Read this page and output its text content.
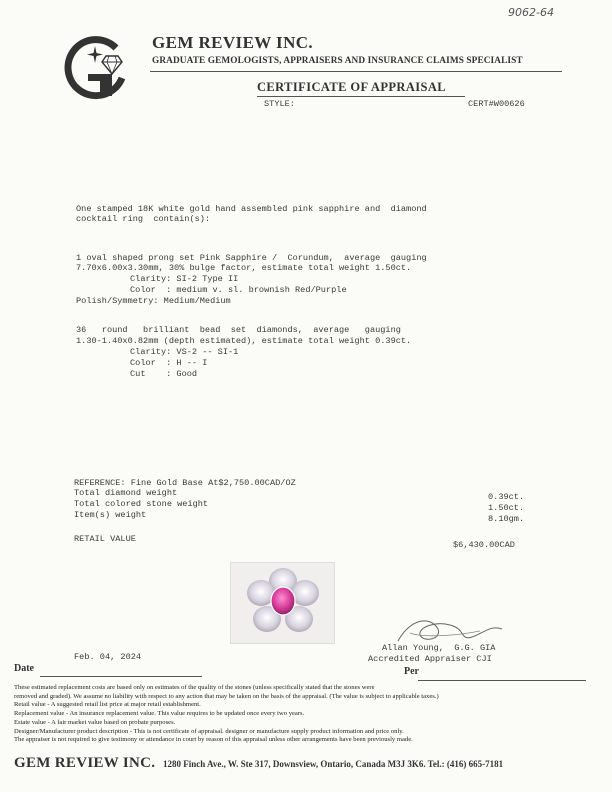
9062-64
GEM REVIEW INC.
GRADUATE GEMOLOGISTS, APPRAISERS AND INSURANCE CLAIMS SPECIALIST
CERTIFICATE OF APPRAISAL
STYLE:	CERT#W00626
One stamped 18K white gold hand assembled pink sapphire and  diamond
cocktail ring  contain(s):
1 oval shaped prong set Pink Sapphire /  Corundum,  average  gauging
7.70x6.00x3.30mm, 30% bulge factor, estimate total weight 1.50ct.
Clarity: SI-2 Type II
Color  : medium v. sl. brownish Red/Purple
Polish/Symmetry: Medium/Medium
36   round   brilliant  bead  set  diamonds,  average   gauging
1.30-1.40x0.82mm (depth estimated), estimate total weight 0.39ct.
Clarity: VS-2 -- SI-1
Color  : H -- I
Cut    : Good
REFERENCE: Fine Gold Base At$2,750.00CAD/OZ
Total diamond weight	0.39ct.
Total colored stone weight	1.50ct.
Item(s) weight	8.10gm.
RETAIL VALUE
$6,430.00CAD
Allan Young,  G.G. GIA
Accredited Appraiser CJI
Per
Feb. 04, 2024
Date
These estimated replacement costs are based only on estimates of the quality of the stones (unless specifically stated that the stones were
removed and graded). We assume no liability with respect to any action that may be taken on the basis of the appraisal. (The value is subject to applicable taxes.)
Retail value - A suggested retail list price at major retail establishment.
Replacement value - An insurance replacement value. This value requires to be updated once every two years.
Estate value - A fair market value based on probate purposes.
Designer/Manufacturer product description - This is not certificate of appraisal. designer or manufacture supply product information and price only.
The appraiser is not required to give testimony or attendance in court by reason of this appraisal unless other arrangements have been previously made.
GEM REVIEW INC. 1280 Finch Ave., W. Ste 317, Downsview, Ontario, Canada M3J 3K6. Tel.: (416) 665-7181
